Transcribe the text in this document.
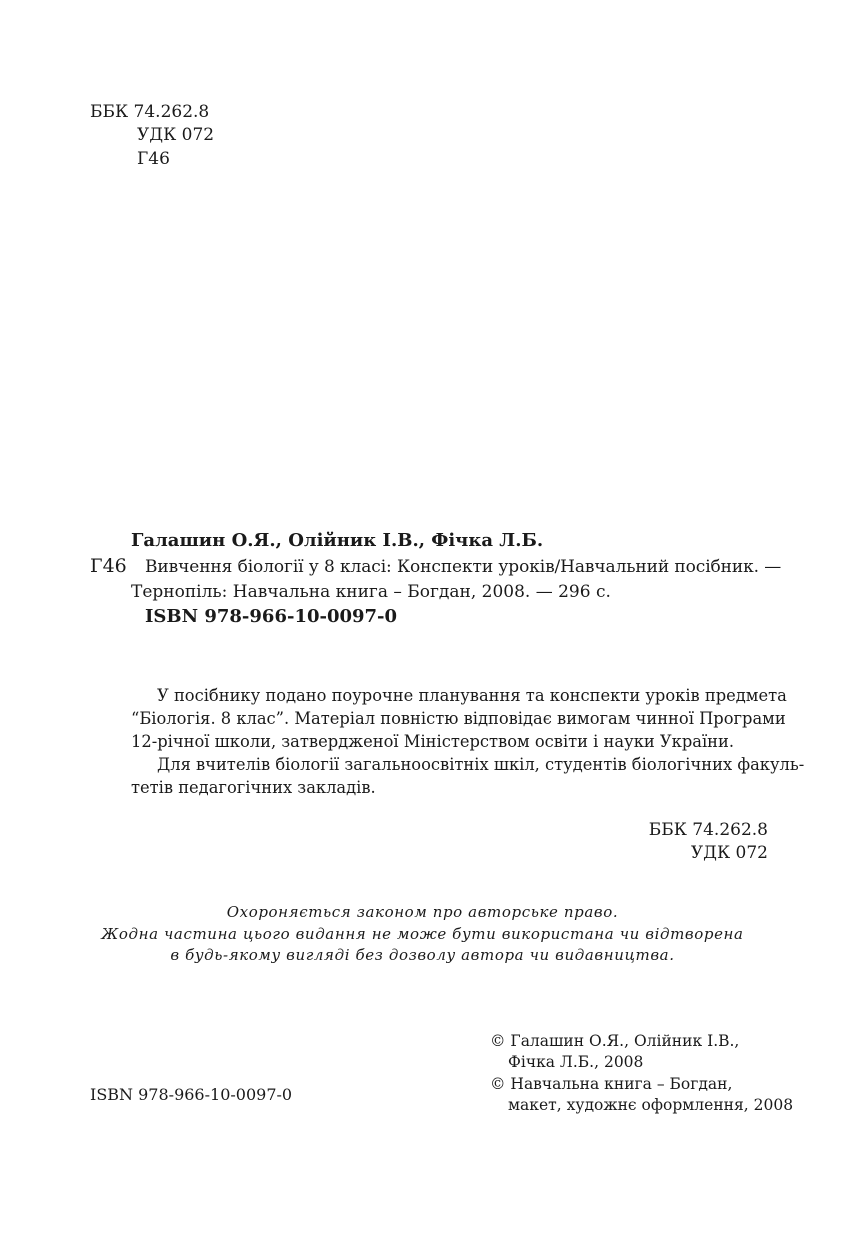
ББК 74.262.8
УДК 072
Г46
Галашин О.Я., Олійник І.В., Фічка Л.Б.
Г46 Вивчення біології у 8 класі: Конспекти уроків/Навчальний посібник. —
Тернопіль: Навчальна книга – Богдан, 2008. — 296 с.
ISBN 978-966-10-0097-0
У посібнику подано поурочне планування та конспекти уроків предмета
“Біологія. 8 клас”. Матеріал повністю відповідає вимогам чинної Програми
12-річної школи, затвердженої Міністерством освіти і науки України.
Для вчителів біології загальноосвітніх шкіл, студентів біологічних факуль-
тетів педагогічних закладів.
ББК 74.262.8
УДК 072
Охороняється законом про авторське право.
Жодна частина цього видання не може бути використана чи відтворена
в будь-якому вигляді без дозволу автора чи видавництва.
© Галашин О.Я., Олійник І.В.,
Фічка Л.Б., 2008
© Навчальна книга – Богдан,
макет, художнє оформлення, 2008
ISBN 978-966-10-0097-0
